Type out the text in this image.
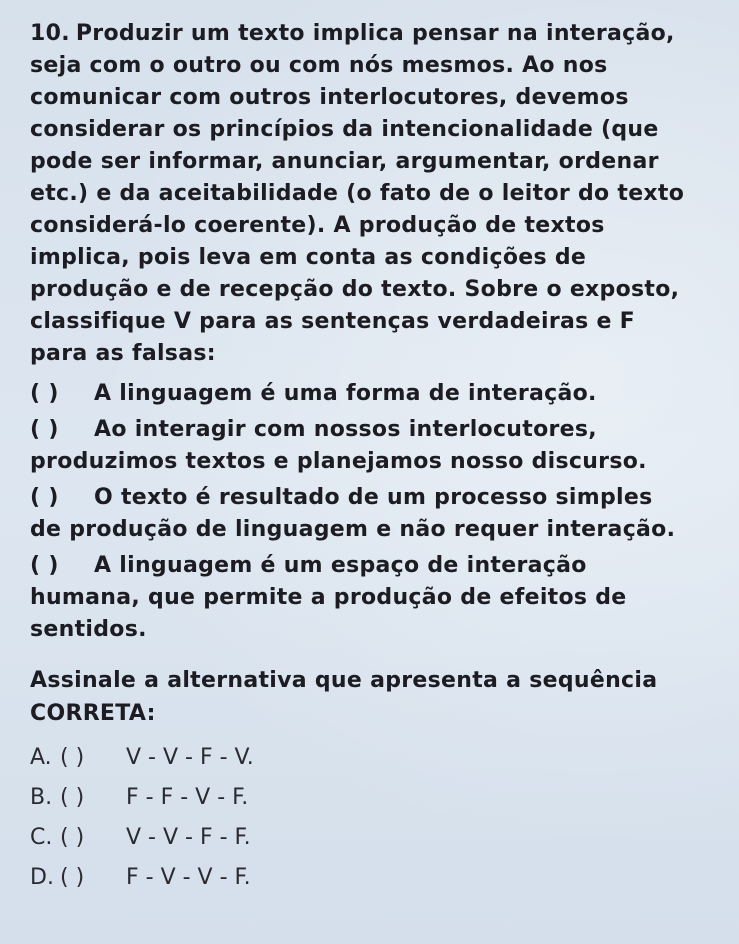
10. Produzir um texto implica pensar na interação,
seja com o outro ou com nós mesmos. Ao nos
comunicar com outros interlocutores, devemos
considerar os princípios da intencionalidade (que
pode ser informar, anunciar, argumentar, ordenar
etc.) e da aceitabilidade (o fato de o leitor do texto
considerá-lo coerente). A produção de textos
implica, pois leva em conta as condições de
produção e de recepção do texto. Sobre o exposto,
classifique V para as sentenças verdadeiras e F
para as falsas:

( ) A linguagem é uma forma de interação.

( ) Ao interagir com nossos interlocutores,
produzimos textos e planejamos nosso discurso.

( ) O texto é resultado de um processo simples
de produção de linguagem e não requer interação.

( ) A linguagem é um espaço de interação
humana, que permite a produção de efeitos de
sentidos.

Assinale a alternativa que apresenta a sequência
CORRETA:

A. ( )	V - V - F - V.
B. ( )	F - F - V - F.
C. ( )	V - V - F - F.
D. ( )	F - V - V - F.
